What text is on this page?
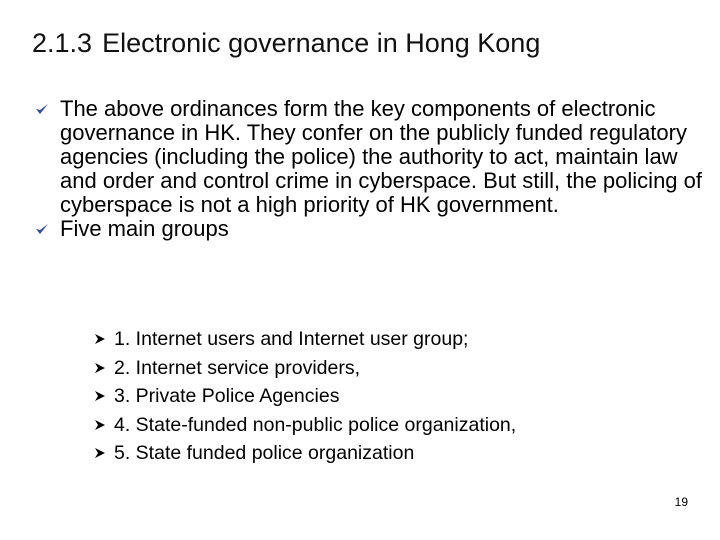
2.1.3 Electronic governance in Hong Kong
The above ordinances form the key components of electronic governance in HK. They confer on the publicly funded regulatory agencies (including the police) the authority to act, maintain law and order and control crime in cyberspace. But still, the policing of cyberspace is not a high priority of HK government.
Five main groups
1. Internet users and Internet user group;
2. Internet service providers,
3. Private Police Agencies
4. State-funded non-public police organization,
5. State funded police organization
19
